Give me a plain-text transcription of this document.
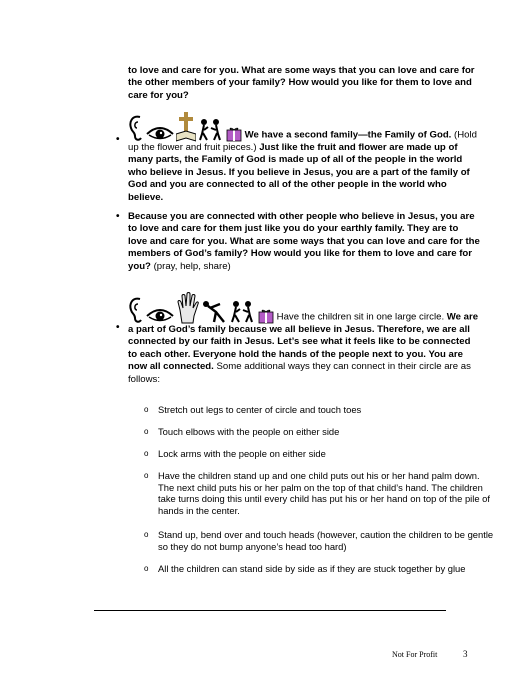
to love and care for you. What are some ways that you can love and care for the other members of your family? How would you like for them to love and care for you?
•	We have a second family—the Family of God. (Hold up the flower and fruit pieces.) Just like the fruit and flower are made up of many parts, the Family of God is made up of all of the people in the world who believe in Jesus. If you believe in Jesus, you are a part of the family of God and you are connected to all of the other people in the world who believe.
• Because you are connected with other people who believe in Jesus, you are to love and care for them just like you do your earthly family. They are to love and care for you. What are some ways that you can love and care for the members of God’s family? How would you like for them to love and care for you? (pray, help, share)
•
Have the children sit in one large circle. We are a part of God’s family because we all believe in Jesus. Therefore, we are all connected by our faith in Jesus. Let’s see what it feels like to be connected to each other. Everyone hold the hands of the people next to you. You are now all connected. Some additional ways they can connect in their circle are as follows:
o Stretch out legs to center of circle and touch toes
o Touch elbows with the people on either side
o Lock arms with the people on either side
o Have the children stand up and one child puts out his or her hand palm down. The next child puts his or her palm on the top of that child’s hand. The children take turns doing this until every child has put his or her hand on top of the pile of hands in the center.
o Stand up, bend over and touch heads (however, caution the children to be gentle so they do not bump anyone’s head too hard)
o All the children can stand side by side as if they are stuck together by glue
Not For Profit	3
